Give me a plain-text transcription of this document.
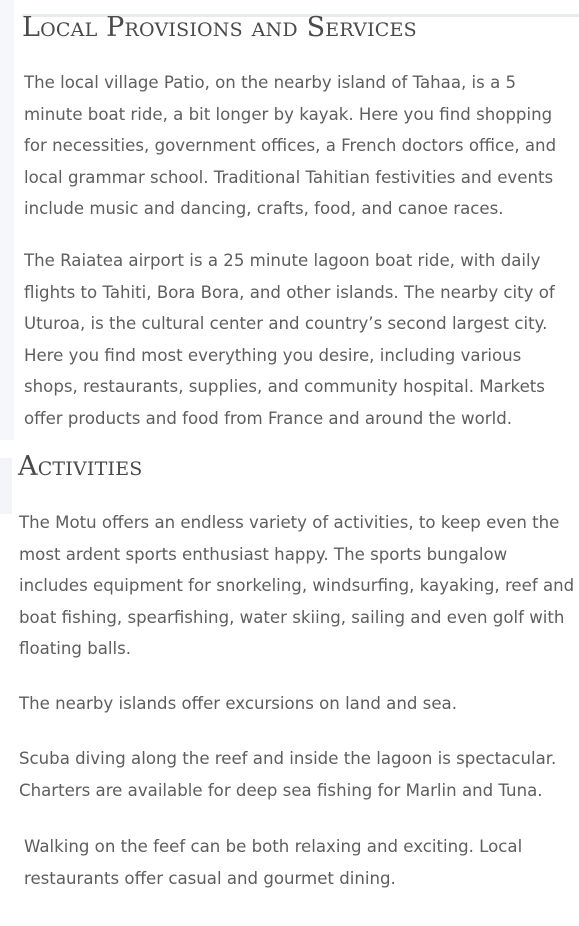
Local Provisions and Services

The local village Patio, on the nearby island of Tahaa, is a 5 minute boat ride, a bit longer by kayak. Here you find shopping for necessities, government offices, a French doctors office, and local grammar school. Traditional Tahitian festivities and events include music and dancing, crafts, food, and canoe races.

The Raiatea airport is a 25 minute lagoon boat ride, with daily flights to Tahiti, Bora Bora, and other islands. The nearby city of Uturoa, is the cultural center and country’s second largest city. Here you find most everything you desire, including various shops, restaurants, supplies, and community hospital. Markets offer products and food from France and around the world.

Activities

The Motu offers an endless variety of activities, to keep even the most ardent sports enthusiast happy. The sports bungalow includes equipment for snorkeling, windsurfing, kayaking, reef and boat fishing, spearfishing, water skiing, sailing and even golf with floating balls.

The nearby islands offer excursions on land and sea.

Scuba diving along the reef and inside the lagoon is spectacular. Charters are available for deep sea fishing for Marlin and Tuna.

Walking on the feef can be both relaxing and exciting. Local restaurants offer casual and gourmet dining.
